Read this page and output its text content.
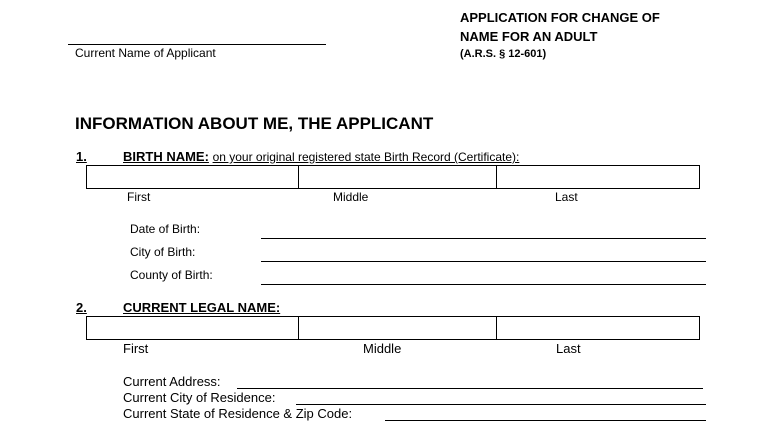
Current Name of Applicant
APPLICATION FOR CHANGE OF
NAME FOR AN ADULT
(A.R.S. § 12-601)
INFORMATION ABOUT ME, THE APPLICANT
1.	BIRTH NAME: on your original registered state Birth Record (Certificate):
First	Middle	Last
Date of Birth:
City of Birth:
County of Birth:
2.	CURRENT LEGAL NAME:
First	Middle	Last
Current Address:
Current City of Residence:
Current State of Residence & Zip Code:
